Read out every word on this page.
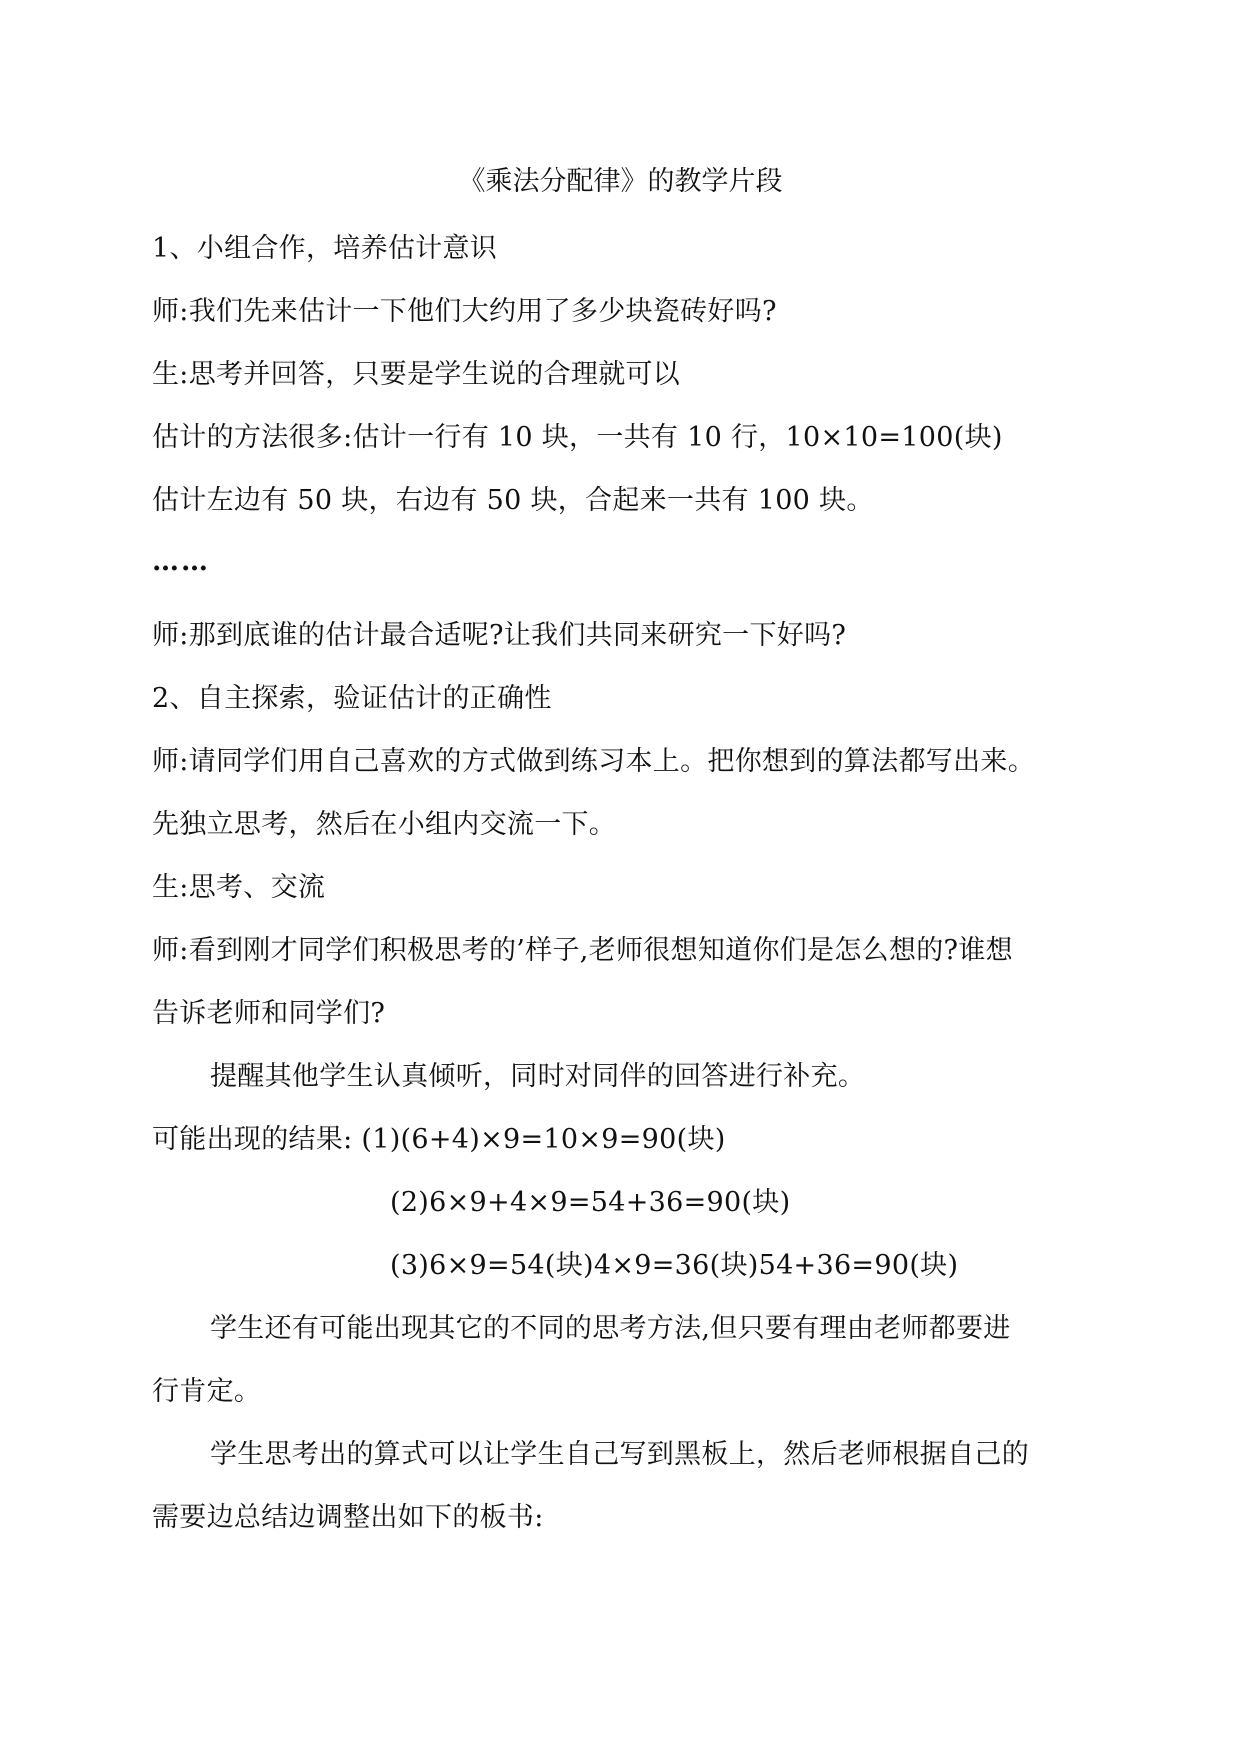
《乘法分配律》的教学片段
1、小组合作，培养估计意识
师:我们先来估计一下他们大约用了多少块瓷砖好吗?
生:思考并回答，只要是学生说的合理就可以
估计的方法很多:估计一行有 10 块，一共有 10 行，10×10=100(块)
估计左边有 50 块，右边有 50 块，合起来一共有 100 块。
……
师:那到底谁的估计最合适呢?让我们共同来研究一下好吗?
2、自主探索，验证估计的正确性
师:请同学们用自己喜欢的方式做到练习本上。把你想到的算法都写出来。
先独立思考，然后在小组内交流一下。
生:思考、交流
师:看到刚才同学们积极思考的’样子,老师很想知道你们是怎么想的?谁想
告诉老师和同学们?
提醒其他学生认真倾听，同时对同伴的回答进行补充。
可能出现的结果: (1)(6+4)×9=10×9=90(块)
(2)6×9+4×9=54+36=90(块)
(3)6×9=54(块)4×9=36(块)54+36=90(块)
学生还有可能出现其它的不同的思考方法,但只要有理由老师都要进
行肯定。
学生思考出的算式可以让学生自己写到黑板上，然后老师根据自己的
需要边总结边调整出如下的板书:
